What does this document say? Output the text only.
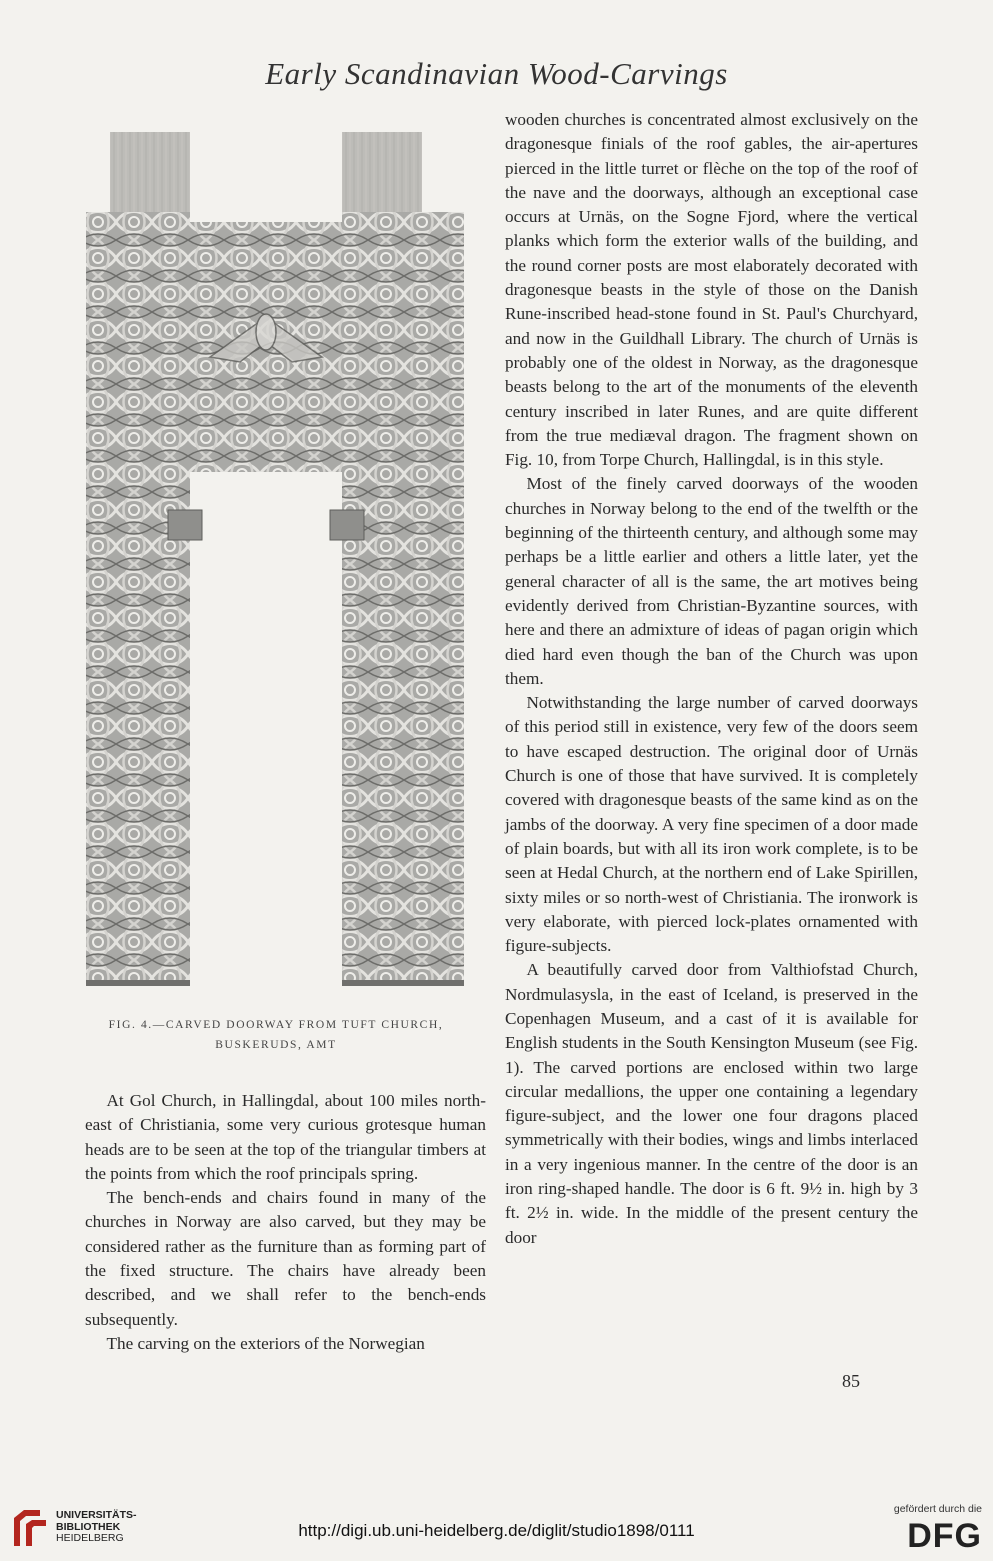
Early Scandinavian Wood-Carvings
FIG. 4.—CARVED DOORWAY FROM TUFT CHURCH,
BUSKERUDS, AMT

wooden churches is concentrated almost exclusively on the dragonesque finials of the roof gables, the air-apertures pierced in the little turret or flèche on the top of the roof of the nave and the doorways, although an exceptional case occurs at Urnäs, on the Sogne Fjord, where the vertical planks which form the exterior walls of the building, and the round corner posts are most elaborately decorated with dragonesque beasts in the style of those on the Danish Rune-inscribed head-stone found in St. Paul's Churchyard, and now in the Guildhall Library. The church of Urnäs is probably one of the oldest in Norway, as the dragonesque beasts belong to the art of the monuments of the eleventh century inscribed in later Runes, and are quite different from the true mediæval dragon. The fragment shown on Fig. 10, from Torpe Church, Hallingdal, is in this style.

Most of the finely carved doorways of the wooden churches in Norway belong to the end of the twelfth or the beginning of the thirteenth century, and although some may perhaps be a little earlier and others a little later, yet the general character of all is the same, the art motives being evidently derived from Christian-Byzantine sources, with here and there an admixture of ideas of pagan origin which died hard even though the ban of the Church was upon them.

Notwithstanding the large number of carved doorways of this period still in existence, very few of the doors seem to have escaped destruction. The original door of Urnäs Church is one of those that have survived. It is completely covered with dragonesque beasts of the same kind as on the jambs of the doorway. A very fine specimen of a door made of plain boards, but with all its iron work complete, is to be seen at Hedal Church, at the northern end of Lake Spirillen, sixty miles or so north-west of Christiania. The ironwork is very elaborate, with pierced lock-plates ornamented with figure-subjects.

A beautifully carved door from Valthiofstad Church, Nordmulasysla, in the east of Iceland, is preserved in the Copenhagen Museum, and a cast of it is available for English students in the South Kensington Museum (see Fig. 1). The carved portions are enclosed within two large circular medallions, the upper one containing a legendary figure-subject, and the lower one four dragons placed symmetrically with their bodies, wings and limbs interlaced in a very ingenious manner. In the centre of the door is an iron ring-shaped handle. The door is 6 ft. 9½ in. high by 3 ft. 2½ in. wide. In the middle of the present century the door

At Gol Church, in Hallingdal, about 100 miles north-east of Christiania, some very curious grotesque human heads are to be seen at the top of the triangular timbers at the points from which the roof principals spring.

The bench-ends and chairs found in many of the churches in Norway are also carved, but they may be considered rather as the furniture than as forming part of the fixed structure. The chairs have already been described, and we shall refer to the bench-ends subsequently.

The carving on the exteriors of the Norwegian

85
UNIVERSITÄTS-
BIBLIOTHEK
HEIDELBERG	http://digi.ub.uni-heidelberg.de/diglit/studio1898/0111
gefördert durch die
DFG
